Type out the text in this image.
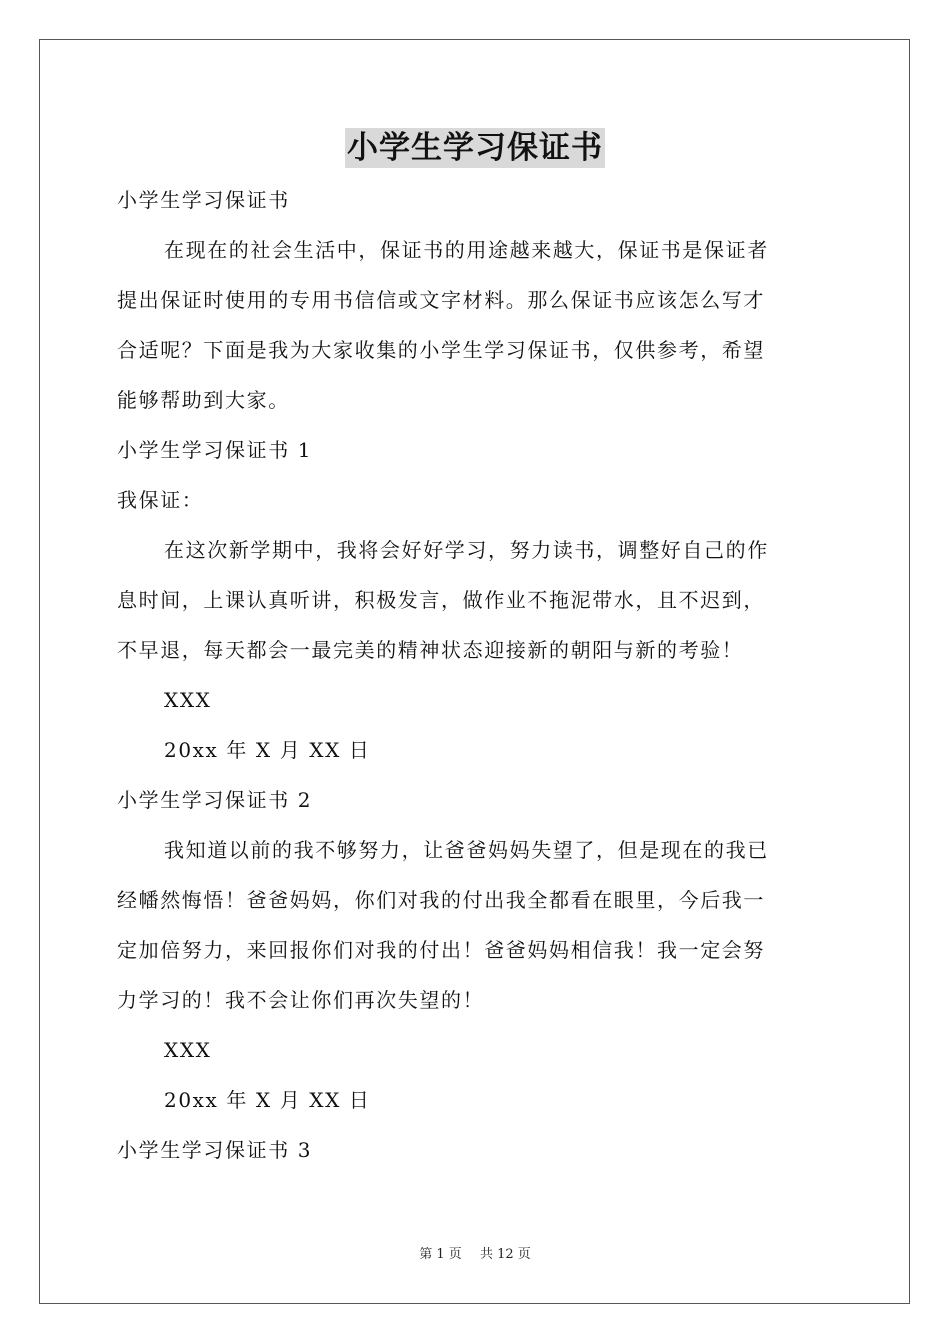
小学生学习保证书
小学生学习保证书
在现在的社会生活中，保证书的用途越来越大，保证书是保证者
提出保证时使用的专用书信信或文字材料。那么保证书应该怎么写才
合适呢？下面是我为大家收集的小学生学习保证书，仅供参考，希望
能够帮助到大家。
小学生学习保证书 1
我保证：
在这次新学期中，我将会好好学习，努力读书，调整好自己的作
息时间，上课认真听讲，积极发言，做作业不拖泥带水，且不迟到，
不早退，每天都会一最完美的精神状态迎接新的朝阳与新的考验！
XXX
20xx 年 X 月 XX 日
小学生学习保证书 2
我知道以前的我不够努力，让爸爸妈妈失望了，但是现在的我已
经幡然悔悟！爸爸妈妈，你们对我的付出我全都看在眼里，今后我一
定加倍努力，来回报你们对我的付出！爸爸妈妈相信我！我一定会努
力学习的！我不会让你们再次失望的！
XXX
20xx 年 X 月 XX 日
小学生学习保证书 3
第 1 页 共 12 页
